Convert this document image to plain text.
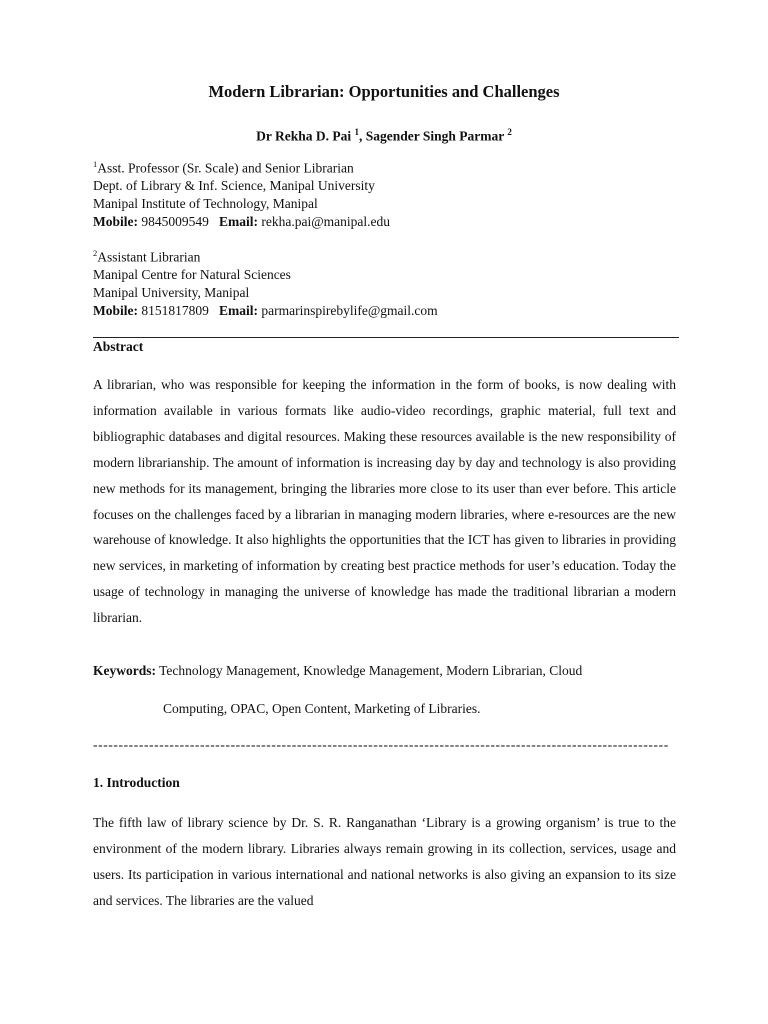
Modern Librarian: Opportunities and Challenges
Dr Rekha D. Pai $^1$, Sagender Singh Parmar $^2$
$^1$Asst. Professor (Sr. Scale) and Senior Librarian
Dept. of Library & Inf. Science, Manipal University
Manipal Institute of Technology, Manipal
Mobile: 9845009549   Email: rekha.pai@manipal.edu
$^2$Assistant Librarian
Manipal Centre for Natural Sciences
Manipal University, Manipal
Mobile: 8151817809   Email: parmarinspirebylife@gmail.com
Abstract
A librarian, who was responsible for keeping the information in the form of books, is now dealing with information available in various formats like audio-video recordings, graphic material, full text and bibliographic databases and digital resources. Making these resources available is the new responsibility of modern librarianship. The amount of information is increasing day by day and technology is also providing new methods for its management, bringing the libraries more close to its user than ever before. This article focuses on the challenges faced by a librarian in managing modern libraries, where e-resources are the new warehouse of knowledge. It also highlights the opportunities that the ICT has given to libraries in providing new services, in marketing of information by creating best practice methods for user’s education. Today the usage of technology in managing the universe of knowledge has made the traditional librarian a modern librarian.
Keywords: Technology Management, Knowledge Management, Modern Librarian, Cloud
Computing, OPAC, Open Content, Marketing of Libraries.
-----------------------------------------------------------------------------------------------------------------
1. Introduction
The fifth law of library science by Dr. S. R. Ranganathan ‘Library is a growing organism’ is true to the environment of the modern library. Libraries always remain growing in its collection, services, usage and users. Its participation in various international and national networks is also giving an expansion to its size and services. The libraries are the valued
